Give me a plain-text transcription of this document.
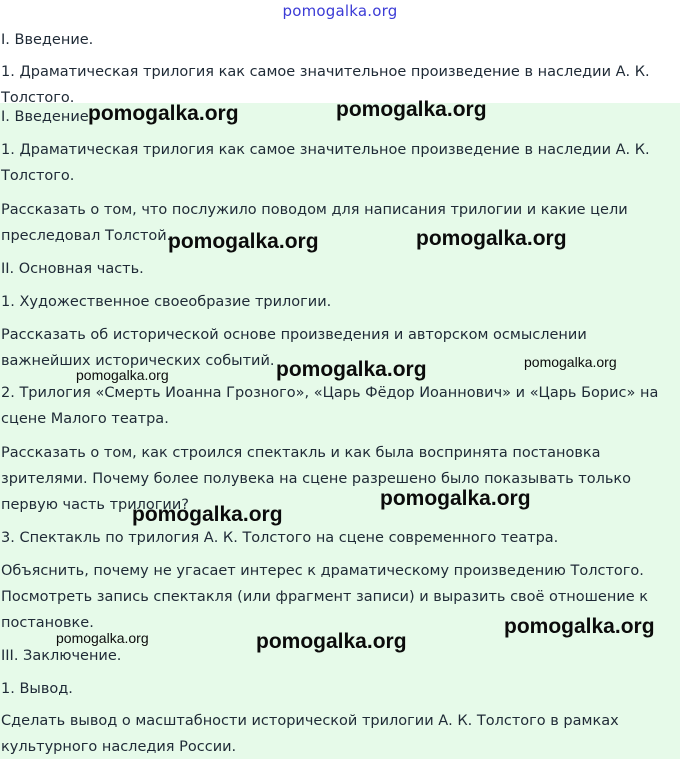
pomogalka.org
I. Введение.
1. Драматическая трилогия как самое значительное произведение в наследии А. К. Толстого.
I. Введение.
1. Драматическая трилогия как самое значительное произведение в наследии А. К. Толстого.
Рассказать о том, что послужило поводом для написания трилогии и какие цели преследовал Толстой.
II. Основная часть.
1. Художественное своеобразие трилогии.
Рассказать об исторической основе произведения и авторском осмыслении важнейших исторических событий.
2. Трилогия «Смерть Иоанна Грозного», «Царь Фёдор Иоаннович» и «Царь Борис» на сцене Малого театра.
Рассказать о том, как строился спектакль и как была воспринята постановка зрителями. Почему более полувека на сцене разрешено было показывать только первую часть трилогии?
3. Спектакль по трилогия А. К. Толстого на сцене современного театра.
Объяснить, почему не угасает интерес к драматическому произведению Толстого. Посмотреть запись спектакля (или фрагмент записи) и выразить своё отношение к постановке.
III. Заключение.
1. Вывод.
Сделать вывод о масштабности исторической трилогии А. К. Толстого в рамках культурного наследия России.
pomogalka.org	pomogalka.org
pomogalka.org	pomogalka.org
pomogalka.org	pomogalka.org
pomogalka.org
pomogalka.org
pomogalka.org
pomogalka.org
pomogalka.org	pomogalka.org
